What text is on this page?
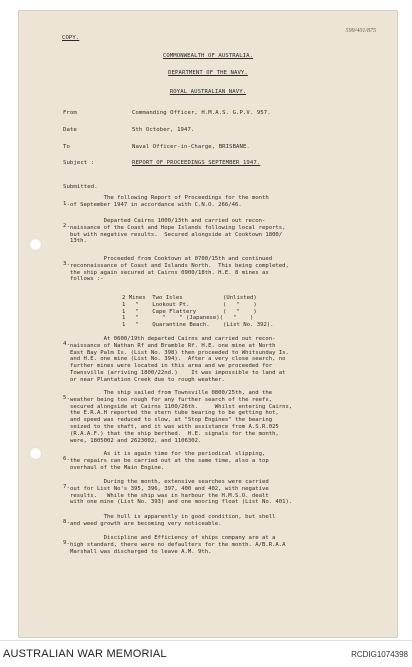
599/401/875
COPY.
COMMONWEALTH OF AUSTRALIA.
DEPARTMENT OF THE NAVY.
ROYAL AUSTRALIAN NAVY.
From	Commanding Officer, H.M.A.S. G.P.V. 957.
Date	5th October, 1947.
To	Naval Officer-in-Charge, BRISBANE.
Subject :	REPORT OF PROCEEDINGS SEPTEMBER 1947.
Submitted.
1.
The following Report of Proceedings for the month
of September 1947 in accordance with C.N.O. 266/46.
2.
Departed Cairns 1000/13th and carried out recon-
naissance of the Coast and Hope Islands following local reports,
but with negative results.  Secured alongside at Cooktown 1800/
13th.
3.
Proceeded from Cooktown at 0700/15th and continued
reconnaissance of Coast and Islands North.  This being completed,
the ship again secured at Cairns 0900/18th. H.E. 8 mines as
follows :-
2 Mines  Two Isles            (Unlisted)
1   "    Lookout Pt.          (   "    )
1   "    Cape Flattery        (   "    )
1   "       "    " (Japanese)(   "    )
1   "    Quarantine Beach.    (List No. 392).
4.
At 0600/19th departed Cairns and carried out recon-
naissance of Nathan Rf and Bramble Rf. H.E. one mine at North
East Bay Palm Is. (List No. 398) then proceeded to Whitsunday Is.
and H.E. one mine (List No. 394).  After a very close search, no
further mines were located in this area and we proceeded for
Townsville (arriving 1800/22nd.)    It was impossible to land at
or near Plantation Creek due to rough weather.
5.
The ship sailed from Townsville 0800/25th, and the
weather being too rough for any further search of the reefs,
secured alongside at Cairns 1100/26th.     Whilst entering Cairns,
the E.R.A.H reported the stern tube bearing to be getting hot,
and speed was reduced to slow, at "Stop Engines" the bearing
seized to the shaft, and it was with assistance from A.S.R.025
(R.A.A.F.) that the ship berthed.  H.E. signals for the month,
were, 1805002 and 2623002, and 1106302.
6.
As it is again time for the periodical slipping,
the repairs can be carried out at the same time, also a top
overhaul of the Main Engine.
7.
During the month, extensive searches were carried
out for List No's 395, 396, 397, 400 and 402, with negative
results.   While the ship was in harbour the H.M.S.O. dealt
with one mine (List No. 393) and one mooring float (List No. 401).
8.
The hull is apparently in good condition, but shell
and weed growth are becoming very noticeable.
9.
Discipline and Efficiency of ships company are at a
high standard, there were no defaulters for the month. A/B.R.A.A
Marshall was discharged to leave A.M. 9th.
AUSTRALIAN WAR MEMORIAL	RCDIG1074398
